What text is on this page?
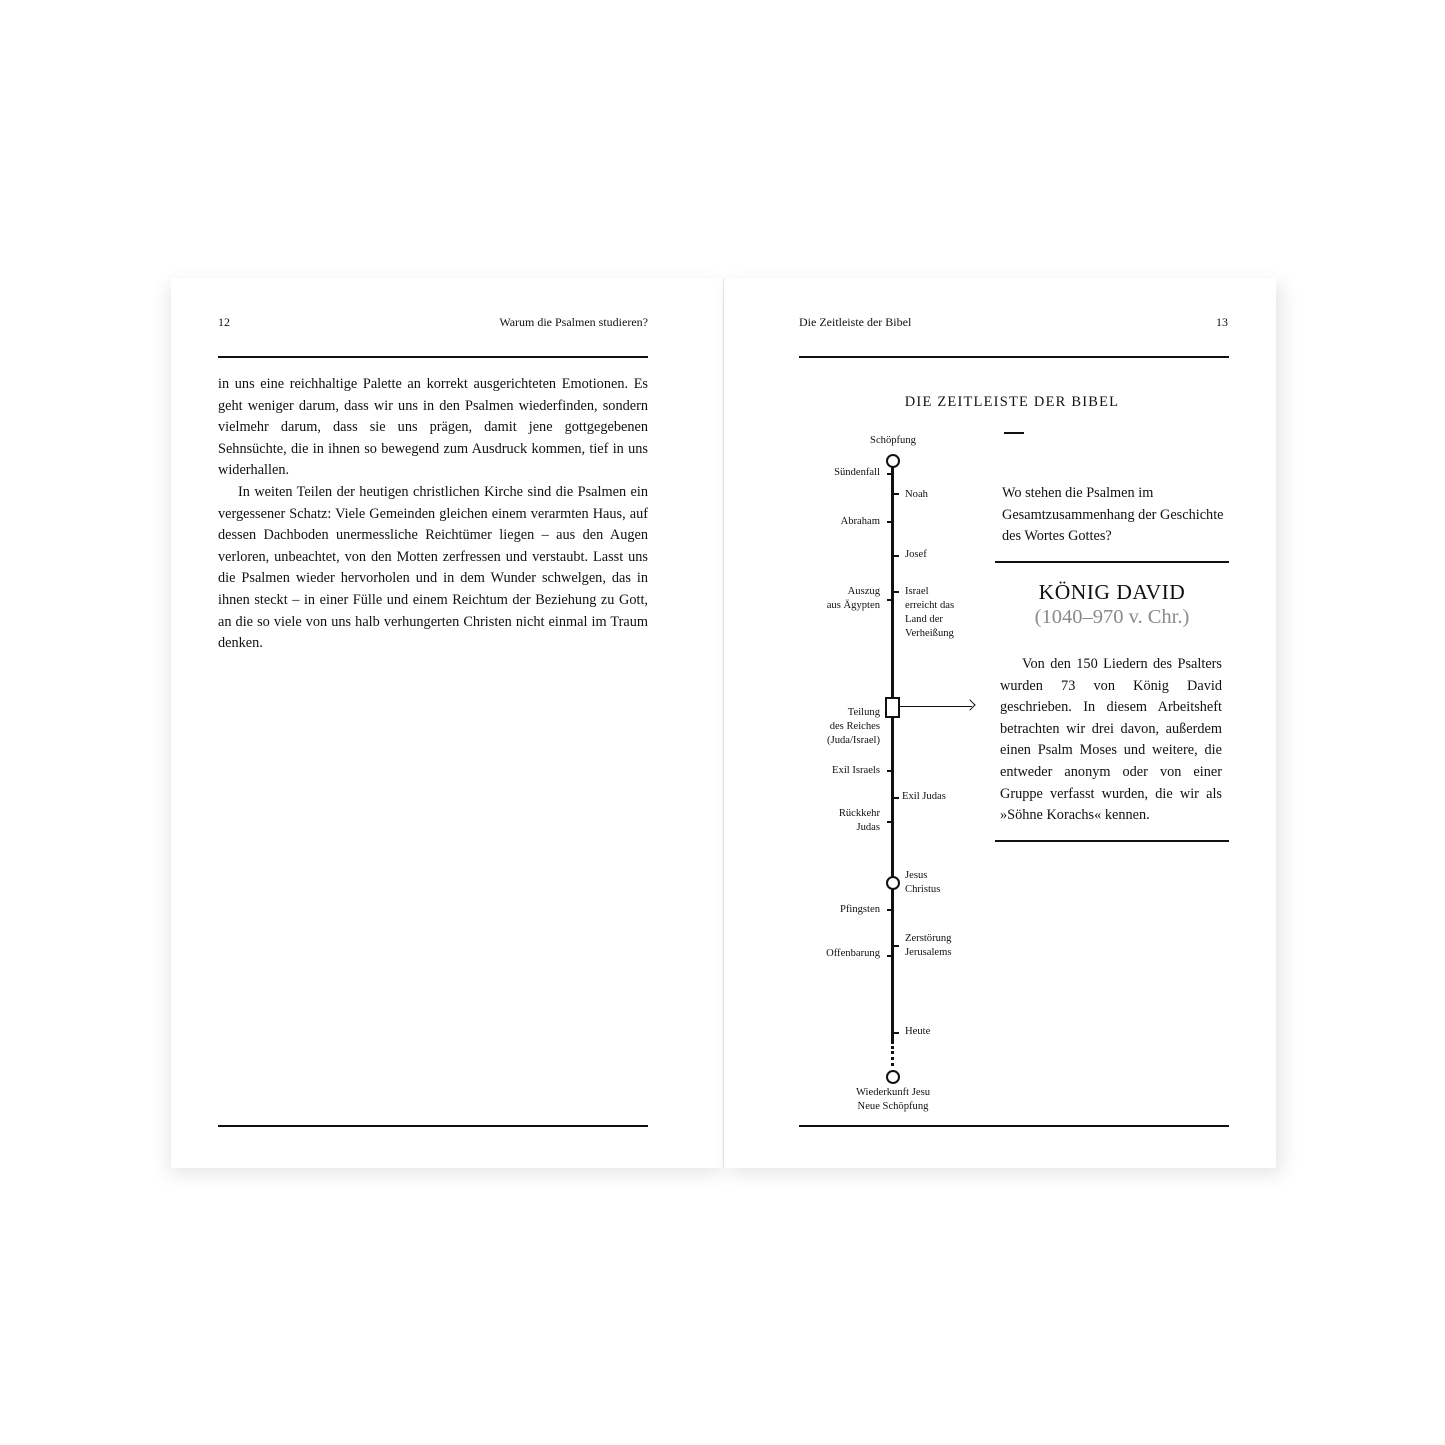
12	Warum die Psalmen studieren?

in uns eine reichhaltige Palette an korrekt ausgerichteten Emotionen. Es geht weniger darum, dass wir uns in den Psalmen wiederfinden, sondern vielmehr darum, dass sie uns prägen, damit jene gottgegebenen Sehnsüchte, die in ihnen so bewegend zum Ausdruck kommen, tief in uns widerhallen.

In weiten Teilen der heutigen christlichen Kirche sind die Psalmen ein vergessener Schatz: Viele Gemeinden gleichen einem verarmten Haus, auf dessen Dachboden unermessliche Reichtümer liegen – aus den Augen verloren, unbeachtet, von den Motten zerfressen und verstaubt. Lasst uns die Psalmen wieder hervorholen und in dem Wunder schwelgen, das in ihnen steckt – in einer Fülle und einem Reichtum der Beziehung zu Gott, an die so viele von uns halb verhungerten Christen nicht einmal im Traum denken.

Die Zeitleiste der Bibel	13
DIE ZEITLEISTE DER BIBEL
Schöpfung
Sündenfall
Noah
Abraham
Josef
Auszug
aus Ägypten
Israel
erreicht das
Land der
Verheißung
Teilung
des Reiches
(Juda/Israel)
Exil Israels
Exil Judas
Rückkehr
Judas
Jesus
Christus
Pfingsten
Zerstörung
Jerusalems
Offenbarung
Heute
Wiederkunft Jesu
Neue Schöpfung
Wo stehen die Psalmen im Gesamtzusammenhang der Geschichte des Wortes Gottes?
KÖNIG DAVID
(1040–970 v. Chr.)
Von den 150 Liedern des Psalters wurden 73 von König David geschrieben. In diesem Arbeitsheft betrachten wir drei davon, außerdem einen Psalm Moses und weitere, die entweder anonym oder von einer Gruppe verfasst wurden, die wir als »Söhne Korachs« kennen.
